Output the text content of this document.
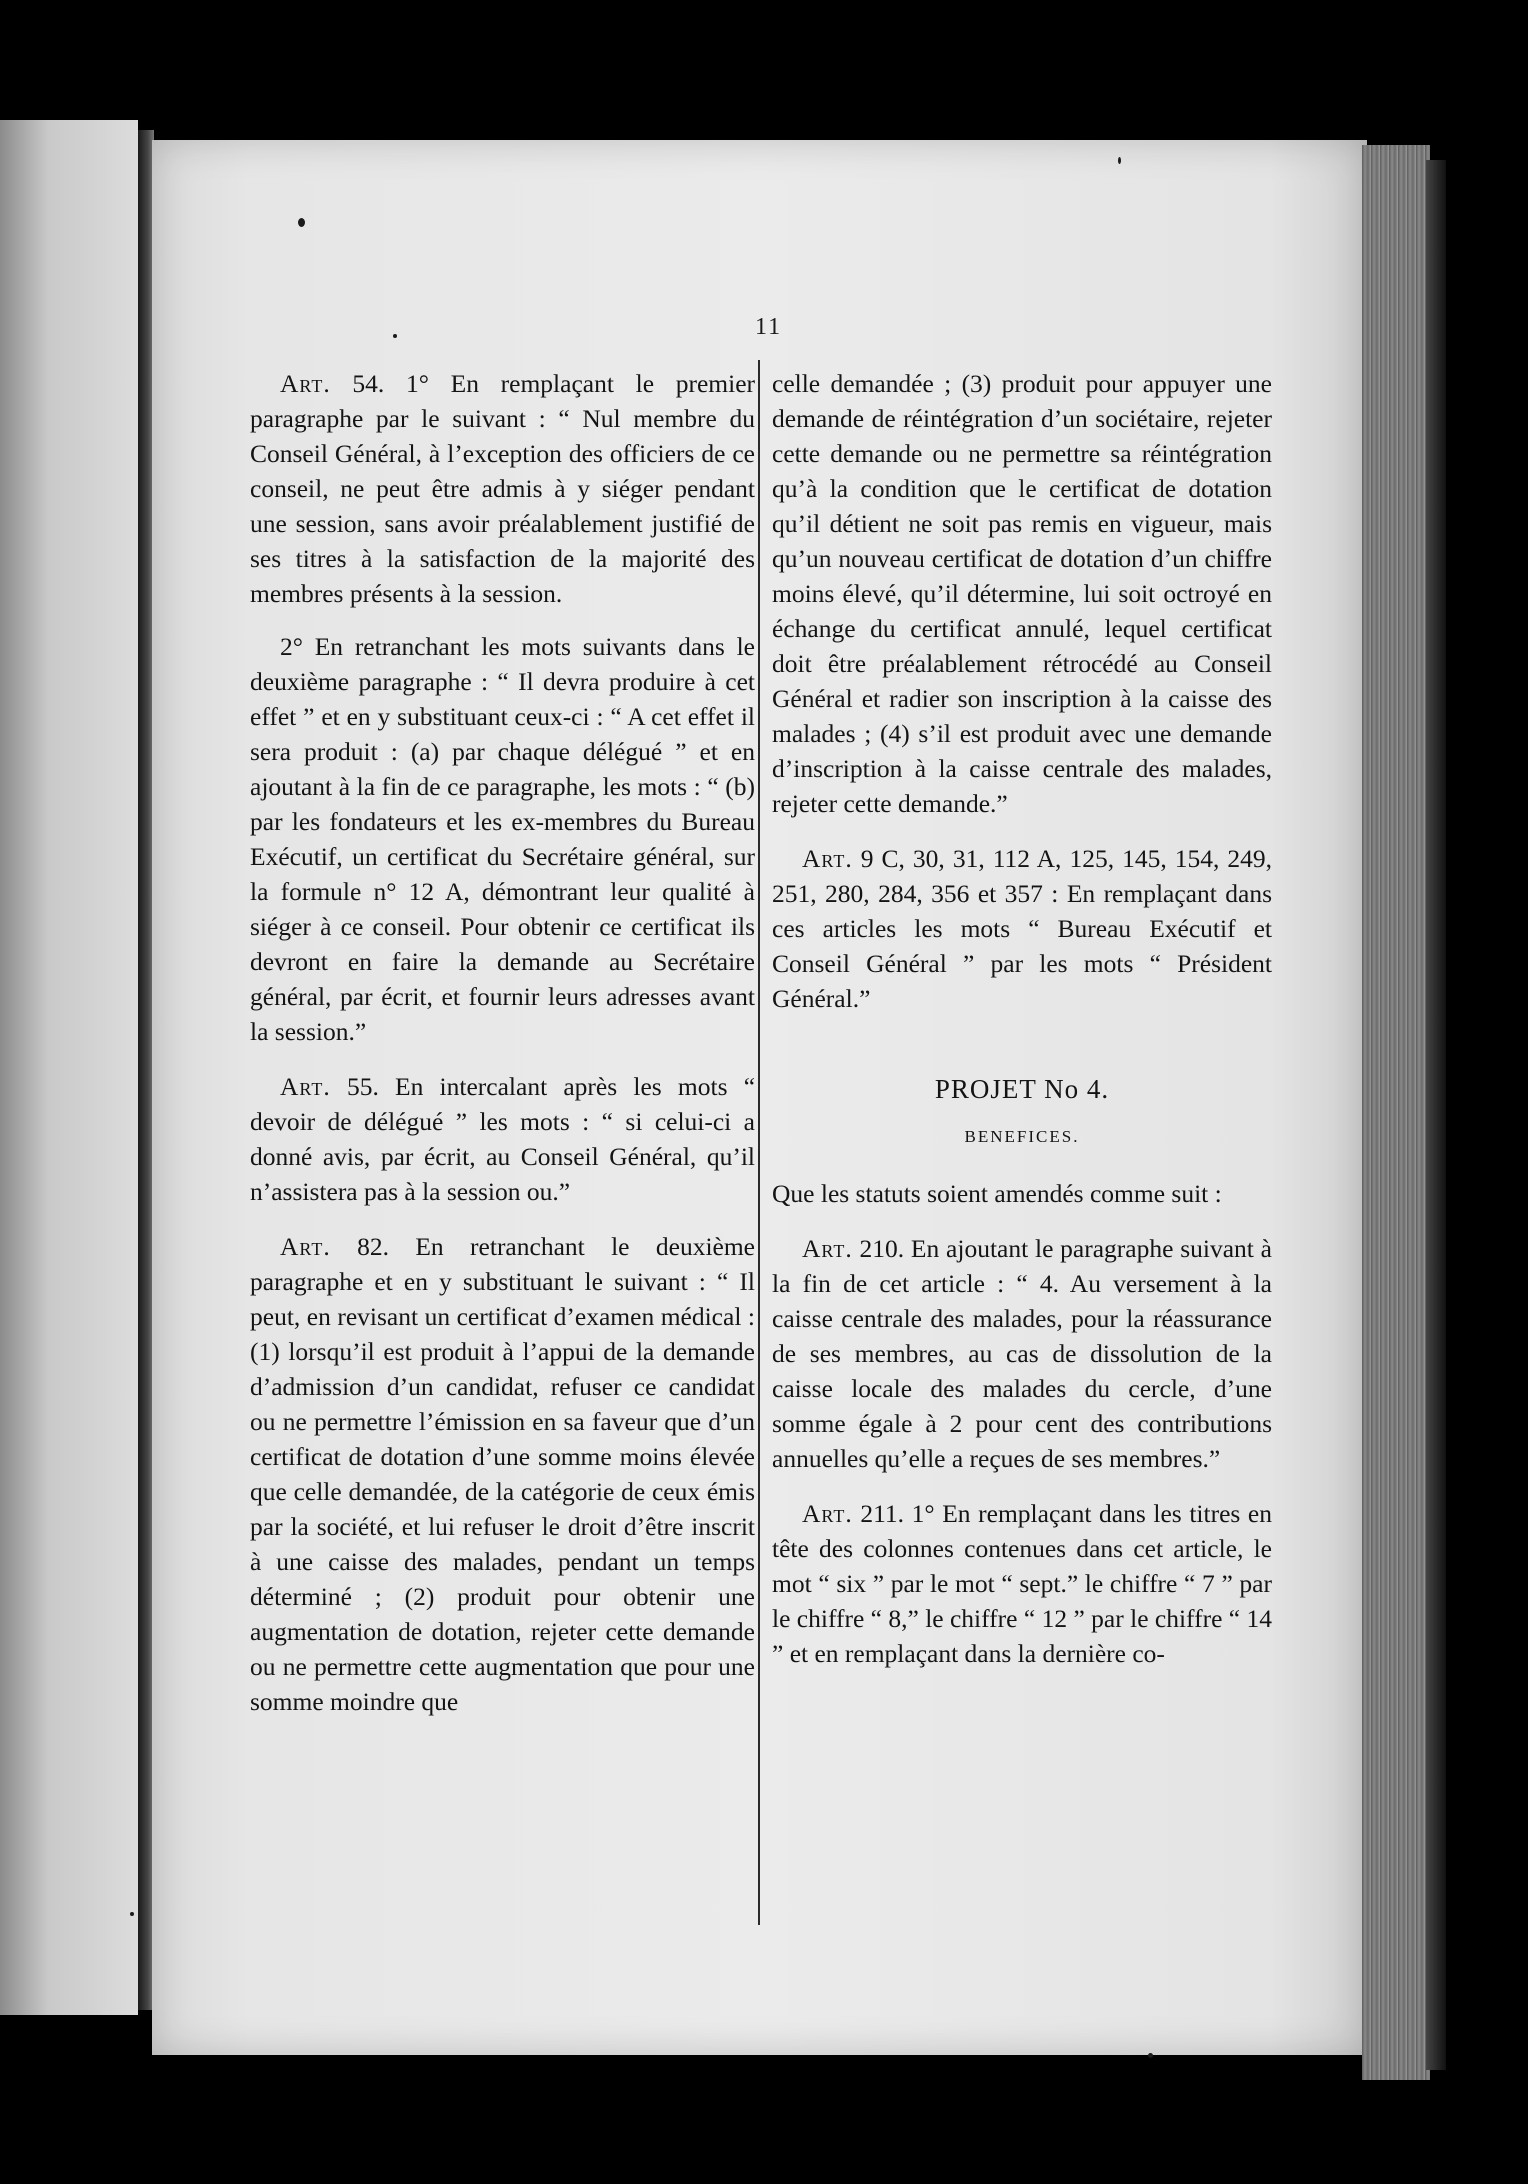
11

Art. 54. 1° En remplaçant le premier paragraphe par le suivant : “ Nul membre du Conseil Général, à l’exception des officiers de ce conseil, ne peut être admis à y siéger pendant une session, sans avoir préalablement justifié de ses titres à la satisfaction de la majorité des membres présents à la session.

2° En retranchant les mots suivants dans le deuxième paragraphe : “ Il devra produire à cet effet ” et en y substituant ceux-ci : “ A cet effet il sera produit : (a) par chaque délégué ” et en ajoutant à la fin de ce paragraphe, les mots : “ (b) par les fondateurs et les ex-membres du Bureau Exécutif, un certificat du Secrétaire général, sur la formule n° 12 A, démontrant leur qualité à siéger à ce conseil. Pour obtenir ce certificat ils devront en faire la demande au Secrétaire général, par écrit, et fournir leurs adresses avant la session.”

Art. 55. En intercalant après les mots “ devoir de délégué ” les mots : “ si celui-ci a donné avis, par écrit, au Conseil Général, qu’il n’assistera pas à la session ou.”

Art. 82. En retranchant le deuxième paragraphe et en y substituant le suivant : “ Il peut, en revisant un certificat d’examen médical : (1) lorsqu’il est produit à l’appui de la demande d’admission d’un candidat, refuser ce candidat ou ne permettre l’émission en sa faveur que d’un certificat de dotation d’une somme moins élevée que celle demandée, de la catégorie de ceux émis par la société, et lui refuser le droit d’être inscrit à une caisse des malades, pendant un temps déterminé ; (2) produit pour obtenir une augmentation de dotation, rejeter cette demande ou ne permettre cette augmentation que pour une somme moindre que

celle demandée ; (3) produit pour appuyer une demande de réintégration d’un sociétaire, rejeter cette demande ou ne permettre sa réintégration qu’à la condition que le certificat de dotation qu’il détient ne soit pas remis en vigueur, mais qu’un nouveau certificat de dotation d’un chiffre moins élevé, qu’il détermine, lui soit octroyé en échange du certificat annulé, lequel certificat doit être préalablement rétrocédé au Conseil Général et radier son inscription à la caisse des malades ; (4) s’il est produit avec une demande d’inscription à la caisse centrale des malades, rejeter cette demande.”

Art. 9 C, 30, 31, 112 A, 125, 145, 154, 249, 251, 280, 284, 356 et 357 : En remplaçant dans ces articles les mots “ Bureau Exécutif et Conseil Général ” par les mots “ Président Général.”

PROJET No 4.
BENEFICES.

Que les statuts soient amendés comme suit :

Art. 210. En ajoutant le paragraphe suivant à la fin de cet article : “ 4. Au versement à la caisse centrale des malades, pour la réassurance de ses membres, au cas de dissolution de la caisse locale des malades du cercle, d’une somme égale à 2 pour cent des contributions annuelles qu’elle a reçues de ses membres.”

Art. 211. 1° En remplaçant dans les titres en tête des colonnes contenues dans cet article, le mot “ six ” par le mot “ sept.” le chiffre “ 7 ” par le chiffre “ 8,” le chiffre “ 12 ” par le chiffre “ 14 ” et en remplaçant dans la dernière co-
